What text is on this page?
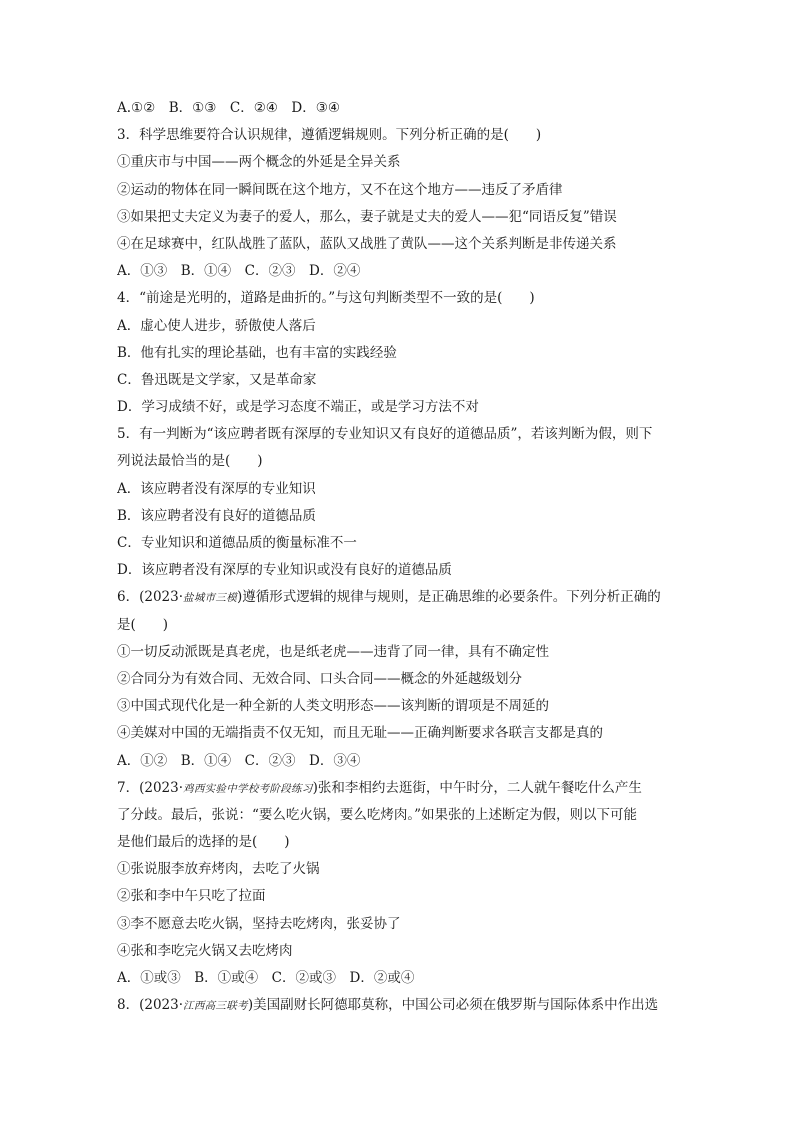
A.①②　B．①③　C．②④　D．③④
3．科学思维要符合认识规律，遵循逻辑规则。下列分析正确的是(　　)
①重庆市与中国——两个概念的外延是全异关系
②运动的物体在同一瞬间既在这个地方，又不在这个地方——违反了矛盾律
③如果把丈夫定义为妻子的爱人，那么，妻子就是丈夫的爱人——犯“同语反复”错误
④在足球赛中，红队战胜了蓝队，蓝队又战胜了黄队——这个关系判断是非传递关系
A．①③　B．①④　C．②③　D．②④
4．“前途是光明的，道路是曲折的。”与这句判断类型不一致的是(　　)
A．虚心使人进步，骄傲使人落后
B．他有扎实的理论基础，也有丰富的实践经验
C．鲁迅既是文学家，又是革命家
D．学习成绩不好，或是学习态度不端正，或是学习方法不对
5．有一判断为“该应聘者既有深厚的专业知识又有良好的道德品质”，若该判断为假，则下
列说法最恰当的是(　　)
A．该应聘者没有深厚的专业知识
B．该应聘者没有良好的道德品质
C．专业知识和道德品质的衡量标准不一
D．该应聘者没有深厚的专业知识或没有良好的道德品质
6．(2023·盐城市三模)遵循形式逻辑的规律与规则，是正确思维的必要条件。下列分析正确的
是(　　)
①一切反动派既是真老虎，也是纸老虎——违背了同一律，具有不确定性
②合同分为有效合同、无效合同、口头合同——概念的外延越级划分
③中国式现代化是一种全新的人类文明形态——该判断的谓项是不周延的
④美媒对中国的无端指责不仅无知，而且无耻——正确判断要求各联言支都是真的
A．①②　B．①④　C．②③　D．③④
7．(2023·鸡西实验中学校考阶段练习)张和李相约去逛街，中午时分，二人就午餐吃什么产生
了分歧。最后，张说：“要么吃火锅，要么吃烤肉。”如果张的上述断定为假，则以下可能
是他们最后的选择的是(　　)
①张说服李放弃烤肉，去吃了火锅
②张和李中午只吃了拉面
③李不愿意去吃火锅，坚持去吃烤肉，张妥协了
④张和李吃完火锅又去吃烤肉
A．①或③　B．①或④　C．②或③　D．②或④
8．(2023·江西高三联考)美国副财长阿德耶莫称，中国公司必须在俄罗斯与国际体系中作出选
